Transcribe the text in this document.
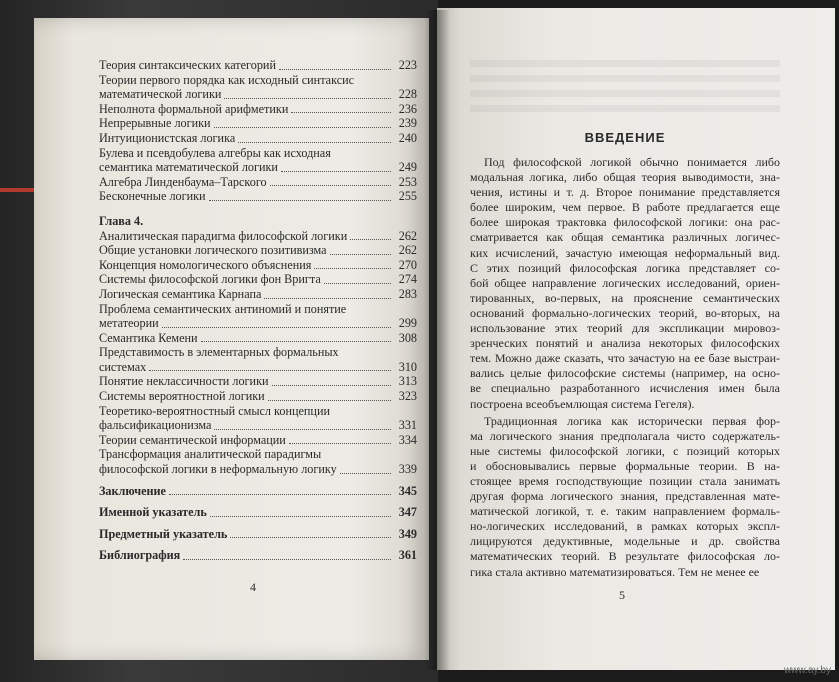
Теория синтаксических категорий	223
Теории первого порядка как исходный синтаксис
математической логики	228
Неполнота формальной арифметики	236
Непрерывные логики	239
Интуиционистская логика	240
Булева и псевдобулева алгебры как исходная
семантика математической логики	249
Алгебра Линденбаума–Тарского	253
Бесконечные логики	255
Глава 4.
Аналитическая парадигма философской логики	262
Общие установки логического позитивизма	262
Концепция номологического объяснения	270
Системы философской логики фон Вригта	274
Логическая семантика Карнапа	283
Проблема семантических антиномий и понятие
метатеории	299
Семантика Кемени	308
Представимость в элементарных формальных
системах	310
Понятие неклассичности логики	313
Системы вероятностной логики	323
Теоретико-вероятностный смысл концепции
фальсификационизма	331
Теории семантической информации	334
Трансформация аналитической парадигмы
философской логики в неформальную логику	339
Заключение	345
Именной указатель	347
Предметный указатель	349
Библиография	361
4
ВВЕДЕНИЕ

Под философской логикой обычно понимается либо
модальная логика, либо общая теория выводимости, зна-
чения, истины и т. д. Второе понимание представляется
более широким, чем первое. В работе предлагается еще
более широкая трактовка философской логики: она рас-
сматривается как общая семантика различных логичес-
ких исчислений, зачастую имеющая неформальный вид.
С этих позиций философская логика представляет со-
бой общее направление логических исследований, ориен-
тированных, во-первых, на прояснение семантических
оснований формально-логических теорий, во-вторых, на
использование этих теорий для экспликации мировоз-
зренческих понятий и анализа некоторых философских
тем. Можно даже сказать, что зачастую на ее базе выстраи-
вались целые философские системы (например, на осно-
ве специально разработанного исчисления имен была
построена всеобъемлющая система Гегеля).

Традиционная логика как исторически первая фор-
ма логического знания предполагала чисто содержатель-
ные системы философской логики, с позиций которых
и обосновывались первые формальные теории. В на-
стоящее время господствующие позиции стала занимать
другая форма логического знания, представленная мате-
матической логикой, т. е. таким направлением формаль-
но-логических исследований, в рамках которых экспл-
лицируются дедуктивные, модельные и др. свойства
математических теорий. В результате философская ло-
гика стала активно математизироваться. Тем не менее ее

5
www.ay.by
